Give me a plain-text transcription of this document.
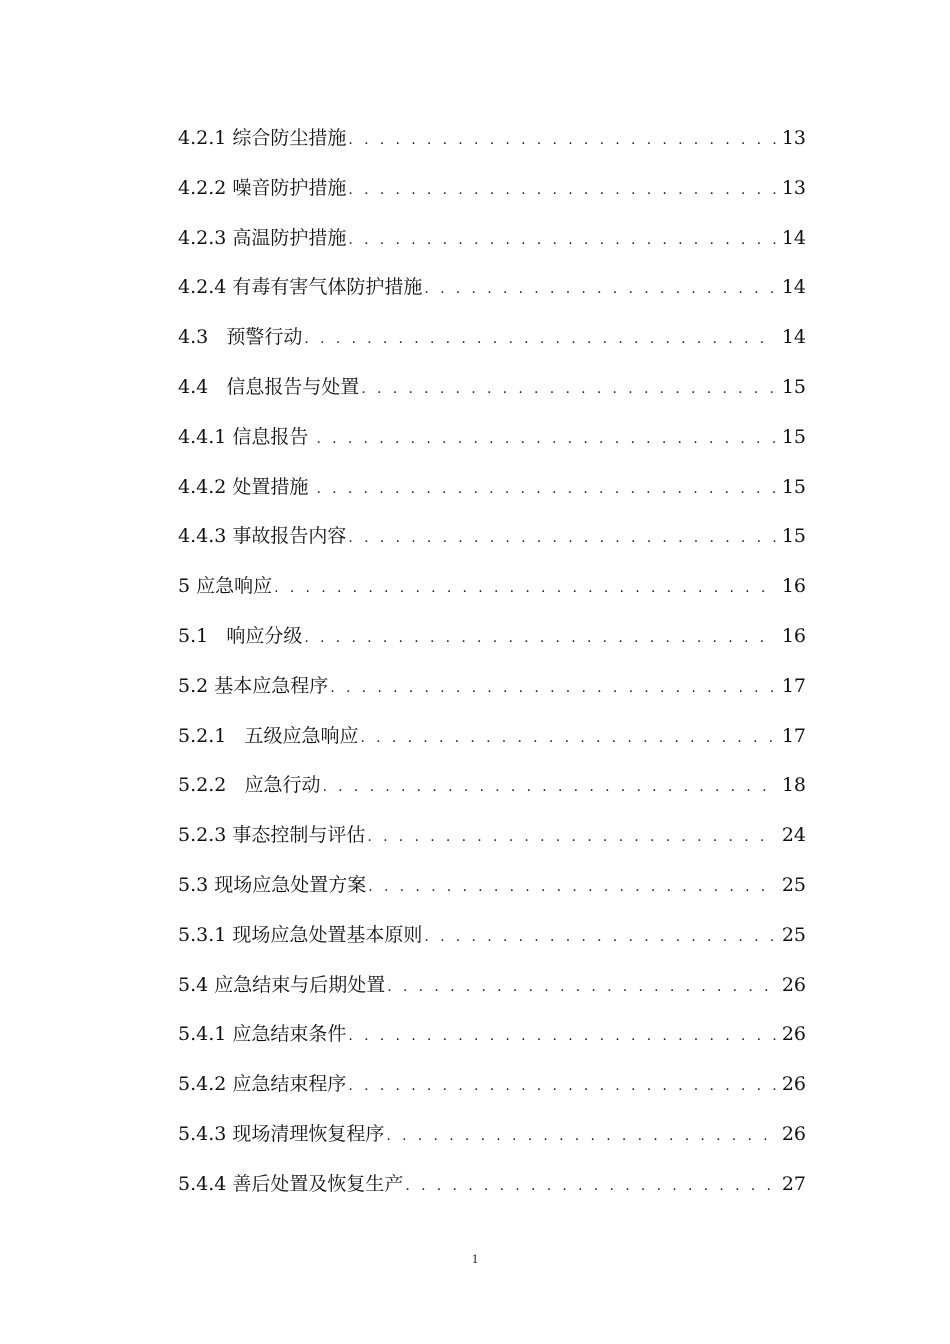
4.2.1 综合防尘措施 . . .	13
4.2.2 噪音防护措施 . . .	13
4.2.3 高温防护措施 . . .	14
4.2.4 有毒有害气体防护措施 . . .	14
4.3   预警行动 . . .	14
4.4   信息报告与处置 . . .	15
4.4.1 信息报告 . . .	15
4.4.2 处置措施 . . .	15
4.4.3 事故报告内容 . . .	15
5 应急响应 . . .	16
5.1   响应分级 . . .	16
5.2 基本应急程序 . . .	17
5.2.1   五级应急响应 . . .	17
5.2.2   应急行动 . . .	18
5.2.3 事态控制与评估 . . .	24
5.3 现场应急处置方案 . . .	25
5.3.1 现场应急处置基本原则 . . .	25
5.4 应急结束与后期处置 . . .	26
5.4.1 应急结束条件 . . .	26
5.4.2 应急结束程序 . . .	26
5.4.3 现场清理恢复程序 . . .	26
5.4.4 善后处置及恢复生产 . . .	27
1
